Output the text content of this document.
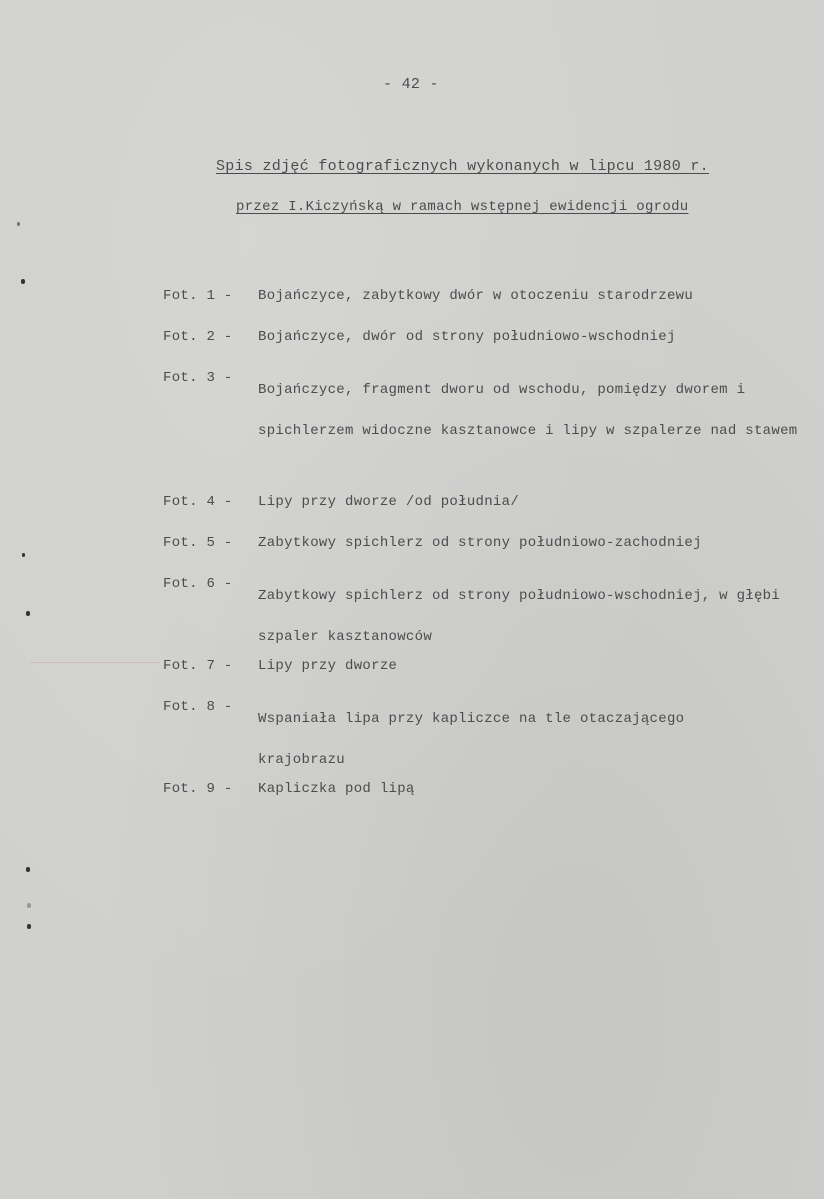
- 42 -
Spis zdjęć fotograficznych wykonanych w lipcu 1980 r.
przez I.Kiczyńską w ramach wstępnej ewidencji ogrodu
Fot. 1 -	Bojańczyce, zabytkowy dwór w otoczeniu starodrzewu
Fot. 2 -	Bojańczyce, dwór od strony południowo-wschodniej
Fot. 3 -
Bojańczyce, fragment dworu od wschodu, pomiędzy dworem i spichlerzem widoczne kasztanowce i lipy w szpalerze nad stawem
Fot. 4 -	Lipy przy dworze /od południa/
Fot. 5 -	Zabytkowy spichlerz od strony południowo-zachodniej
Fot. 6 -
Zabytkowy spichlerz od strony południowo-wschodniej, w głębi szpaler kasztanowców
Fot. 7 -	Lipy przy dworze
Fot. 8 -
Wspaniała lipa przy kapliczce na tle otaczającego krajobrazu
Fot. 9 -	Kapliczka pod lipą
